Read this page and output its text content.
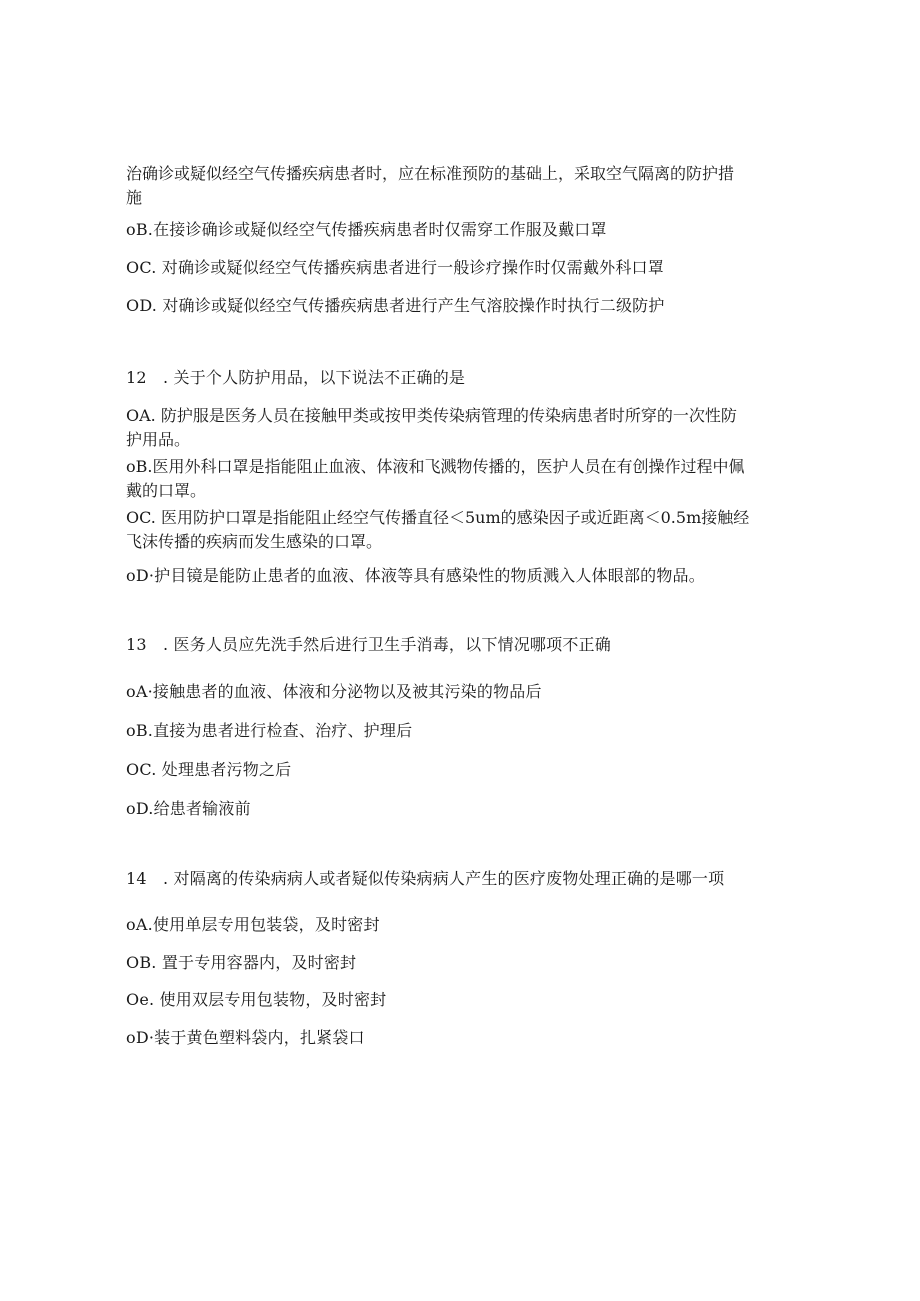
治确诊或疑似经空气传播疾病患者时，应在标准预防的基础上，采取空气隔离的防护措
施
oB.在接诊确诊或疑似经空气传播疾病患者时仅需穿工作服及戴口罩
OC. 对确诊或疑似经空气传播疾病患者进行一般诊疗操作时仅需戴外科口罩
OD. 对确诊或疑似经空气传播疾病患者进行产生气溶胶操作时执行二级防护
12　. 关于个人防护用品，以下说法不正确的是
OA. 防护服是医务人员在接触甲类或按甲类传染病管理的传染病患者时所穿的一次性防
护用品。
oB.医用外科口罩是指能阻止血液、体液和飞溅物传播的，医护人员在有创操作过程中佩
戴的口罩。
OC. 医用防护口罩是指能阻止经空气传播直径＜5um的感染因子或近距离＜0.5m接触经
飞沫传播的疾病而发生感染的口罩。
oD·护目镜是能防止患者的血液、体液等具有感染性的物质溅入人体眼部的物品。
13　. 医务人员应先洗手然后进行卫生手消毒，以下情况哪项不正确
oA·接触患者的血液、体液和分泌物以及被其污染的物品后
oB.直接为患者进行检查、治疗、护理后
OC. 处理患者污物之后
oD.给患者输液前
14　. 对隔离的传染病病人或者疑似传染病病人产生的医疗废物处理正确的是哪一项
oA.使用单层专用包装袋，及时密封
OB. 置于专用容器内，及时密封
Oe. 使用双层专用包装物，及时密封
oD·装于黄色塑料袋内，扎紧袋口
